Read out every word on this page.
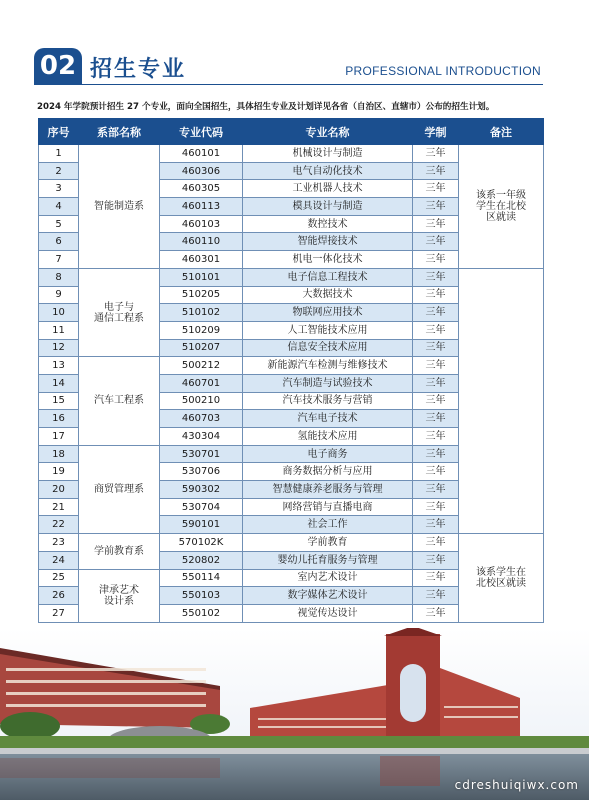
02 招生专业	PROFESSIONAL INTRODUCTION
2024 年学院预计招生 27 个专业，面向全国招生，具体招生专业及计划详见各省（自治区、直辖市）公布的招生计划。
序号	系部名称	专业代码	专业名称	学制	备注
1	智能制造系	460101	机械设计与制造	三年	该系一年级
学生在北校
区就读
2		460306	电气自动化技术	三年	
3		460305	工业机器人技术	三年	
4		460113	模具设计与制造	三年	
5		460103	数控技术	三年	
6		460110	智能焊接技术	三年	
7		460301	机电一体化技术	三年	
8	电子与
通信工程系	510101	电子信息工程技术	三年	
9		510205	大数据技术	三年	
10		510102	物联网应用技术	三年	
11		510209	人工智能技术应用	三年	
12		510207	信息安全技术应用	三年	
13	汽车工程系	500212	新能源汽车检测与维修技术	三年	
14		460701	汽车制造与试验技术	三年	
15		500210	汽车技术服务与营销	三年	
16		460703	汽车电子技术	三年	
17		430304	氢能技术应用	三年	
18	商贸管理系	530701	电子商务	三年	
19		530706	商务数据分析与应用	三年	
20		590302	智慧健康养老服务与管理	三年	
21		530704	网络营销与直播电商	三年	
22		590101	社会工作	三年	
23	学前教育系	570102K	学前教育	三年	该系学生在
北校区就读
24		520802	婴幼儿托育服务与管理	三年	
25	津承艺术
设计系	550114	室内艺术设计	三年	
26		550103	数字媒体艺术设计	三年	
27		550102	视觉传达设计	三年	
cdreshuiqiwx.com
